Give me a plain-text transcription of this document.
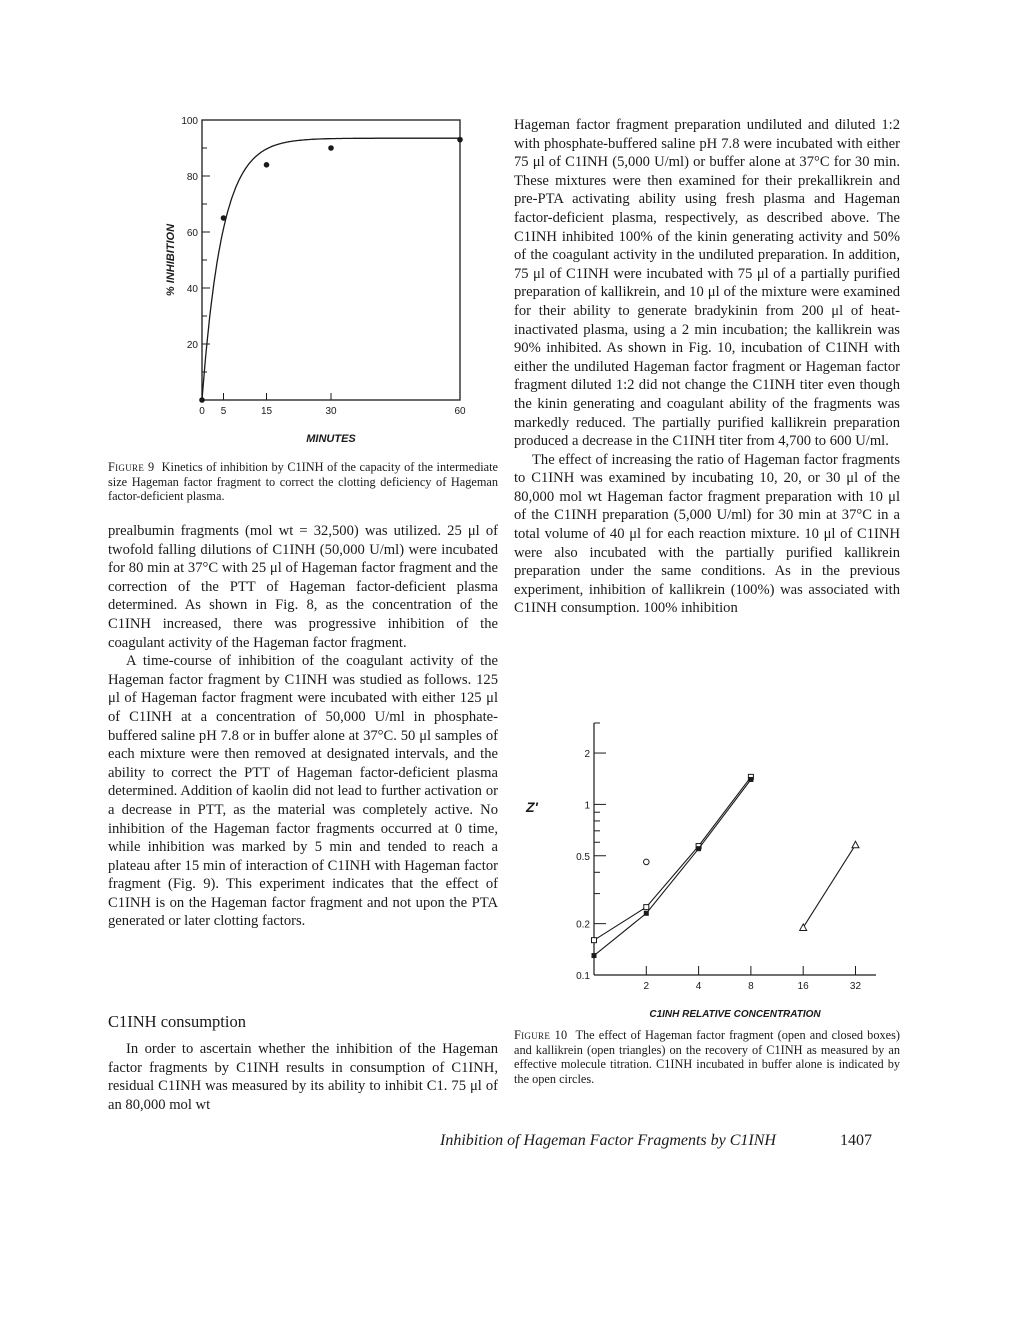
20
40
60
80
100
0 5	15	30	60
MINUTES
% INHIBITION

Figure 9 Kinetics of inhibition by C1INH of the capacity of the intermediate size Hageman factor fragment to correct the clotting deficiency of Hageman factor-deficient plasma.

prealbumin fragments (mol wt = 32,500) was utilized. 25 μl of twofold falling dilutions of C1INH (50,000 U/ml) were incubated for 80 min at 37°C with 25 μl of Hageman factor fragment and the correction of the PTT of Hageman factor-deficient plasma determined. As shown in Fig. 8, as the concentration of the C1INH increased, there was progressive inhibition of the coagulant activity of the Hageman factor fragment.

A time-course of inhibition of the coagulant activity of the Hageman factor fragment by C1INH was studied as follows. 125 μl of Hageman factor fragment were incubated with either 125 μl of C1INH at a concentration of 50,000 U/ml in phosphate-buffered saline pH 7.8 or in buffer alone at 37°C. 50 μl samples of each mixture were then removed at designated intervals, and the ability to correct the PTT of Hageman factor-deficient plasma determined. Addition of kaolin did not lead to further activation or a decrease in PTT, as the material was completely active. No inhibition of the Hageman factor fragments occurred at 0 time, while inhibition was marked by 5 min and tended to reach a plateau after 15 min of interaction of C1INH with Hageman factor fragment (Fig. 9). This experiment indicates that the effect of C1INH is on the Hageman factor fragment and not upon the PTA generated or later clotting factors.

C1INH consumption

In order to ascertain whether the inhibition of the Hageman factor fragments by C1INH results in consumption of C1INH, residual C1INH was measured by its ability to inhibit C1. 75 μl of an 80,000 mol wt

Hageman factor fragment preparation undiluted and diluted 1:2 with phosphate-buffered saline pH 7.8 were incubated with either 75 μl of C1INH (5,000 U/ml) or buffer alone at 37°C for 30 min. These mixtures were then examined for their prekallikrein and pre-PTA activating ability using fresh plasma and Hageman factor-deficient plasma, respectively, as described above. The C1INH inhibited 100% of the kinin generating activity and 50% of the coagulant activity in the undiluted preparation. In addition, 75 μl of C1INH were incubated with 75 μl of a partially purified preparation of kallikrein, and 10 μl of the mixture were examined for their ability to generate bradykinin from 200 μl of heat-inactivated plasma, using a 2 min incubation; the kallikrein was 90% inhibited. As shown in Fig. 10, incubation of C1INH with either the undiluted Hageman factor fragment or Hageman factor fragment diluted 1:2 did not change the C1INH titer even though the kinin generating and coagulant ability of the fragments was markedly reduced. The partially purified kallikrein preparation produced a decrease in the C1INH titer from 4,700 to 600 U/ml.

The effect of increasing the ratio of Hageman factor fragments to C1INH was examined by incubating 10, 20, or 30 μl of the 80,000 mol wt Hageman factor fragment preparation with 10 μl of the C1INH preparation (5,000 U/ml) for 30 min at 37°C in a total volume of 40 μl for each reaction mixture. 10 μl of C1INH were also incubated with the partially purified kallikrein preparation under the same conditions. As in the previous experiment, inhibition of kallikrein (100%) was associated with C1INH consumption. 100% inhibition

0.1
0.2
0.5
1
2
2	4	8	16	32
C1INH RELATIVE CONCENTRATION
Z'

Figure 10 The effect of Hageman factor fragment (open and closed boxes) and kallikrein (open triangles) on the recovery of C1INH as measured by an effective molecule titration. C1INH incubated in buffer alone is indicated by the open circles.

Inhibition of Hageman Factor Fragments by C1INH	1407
